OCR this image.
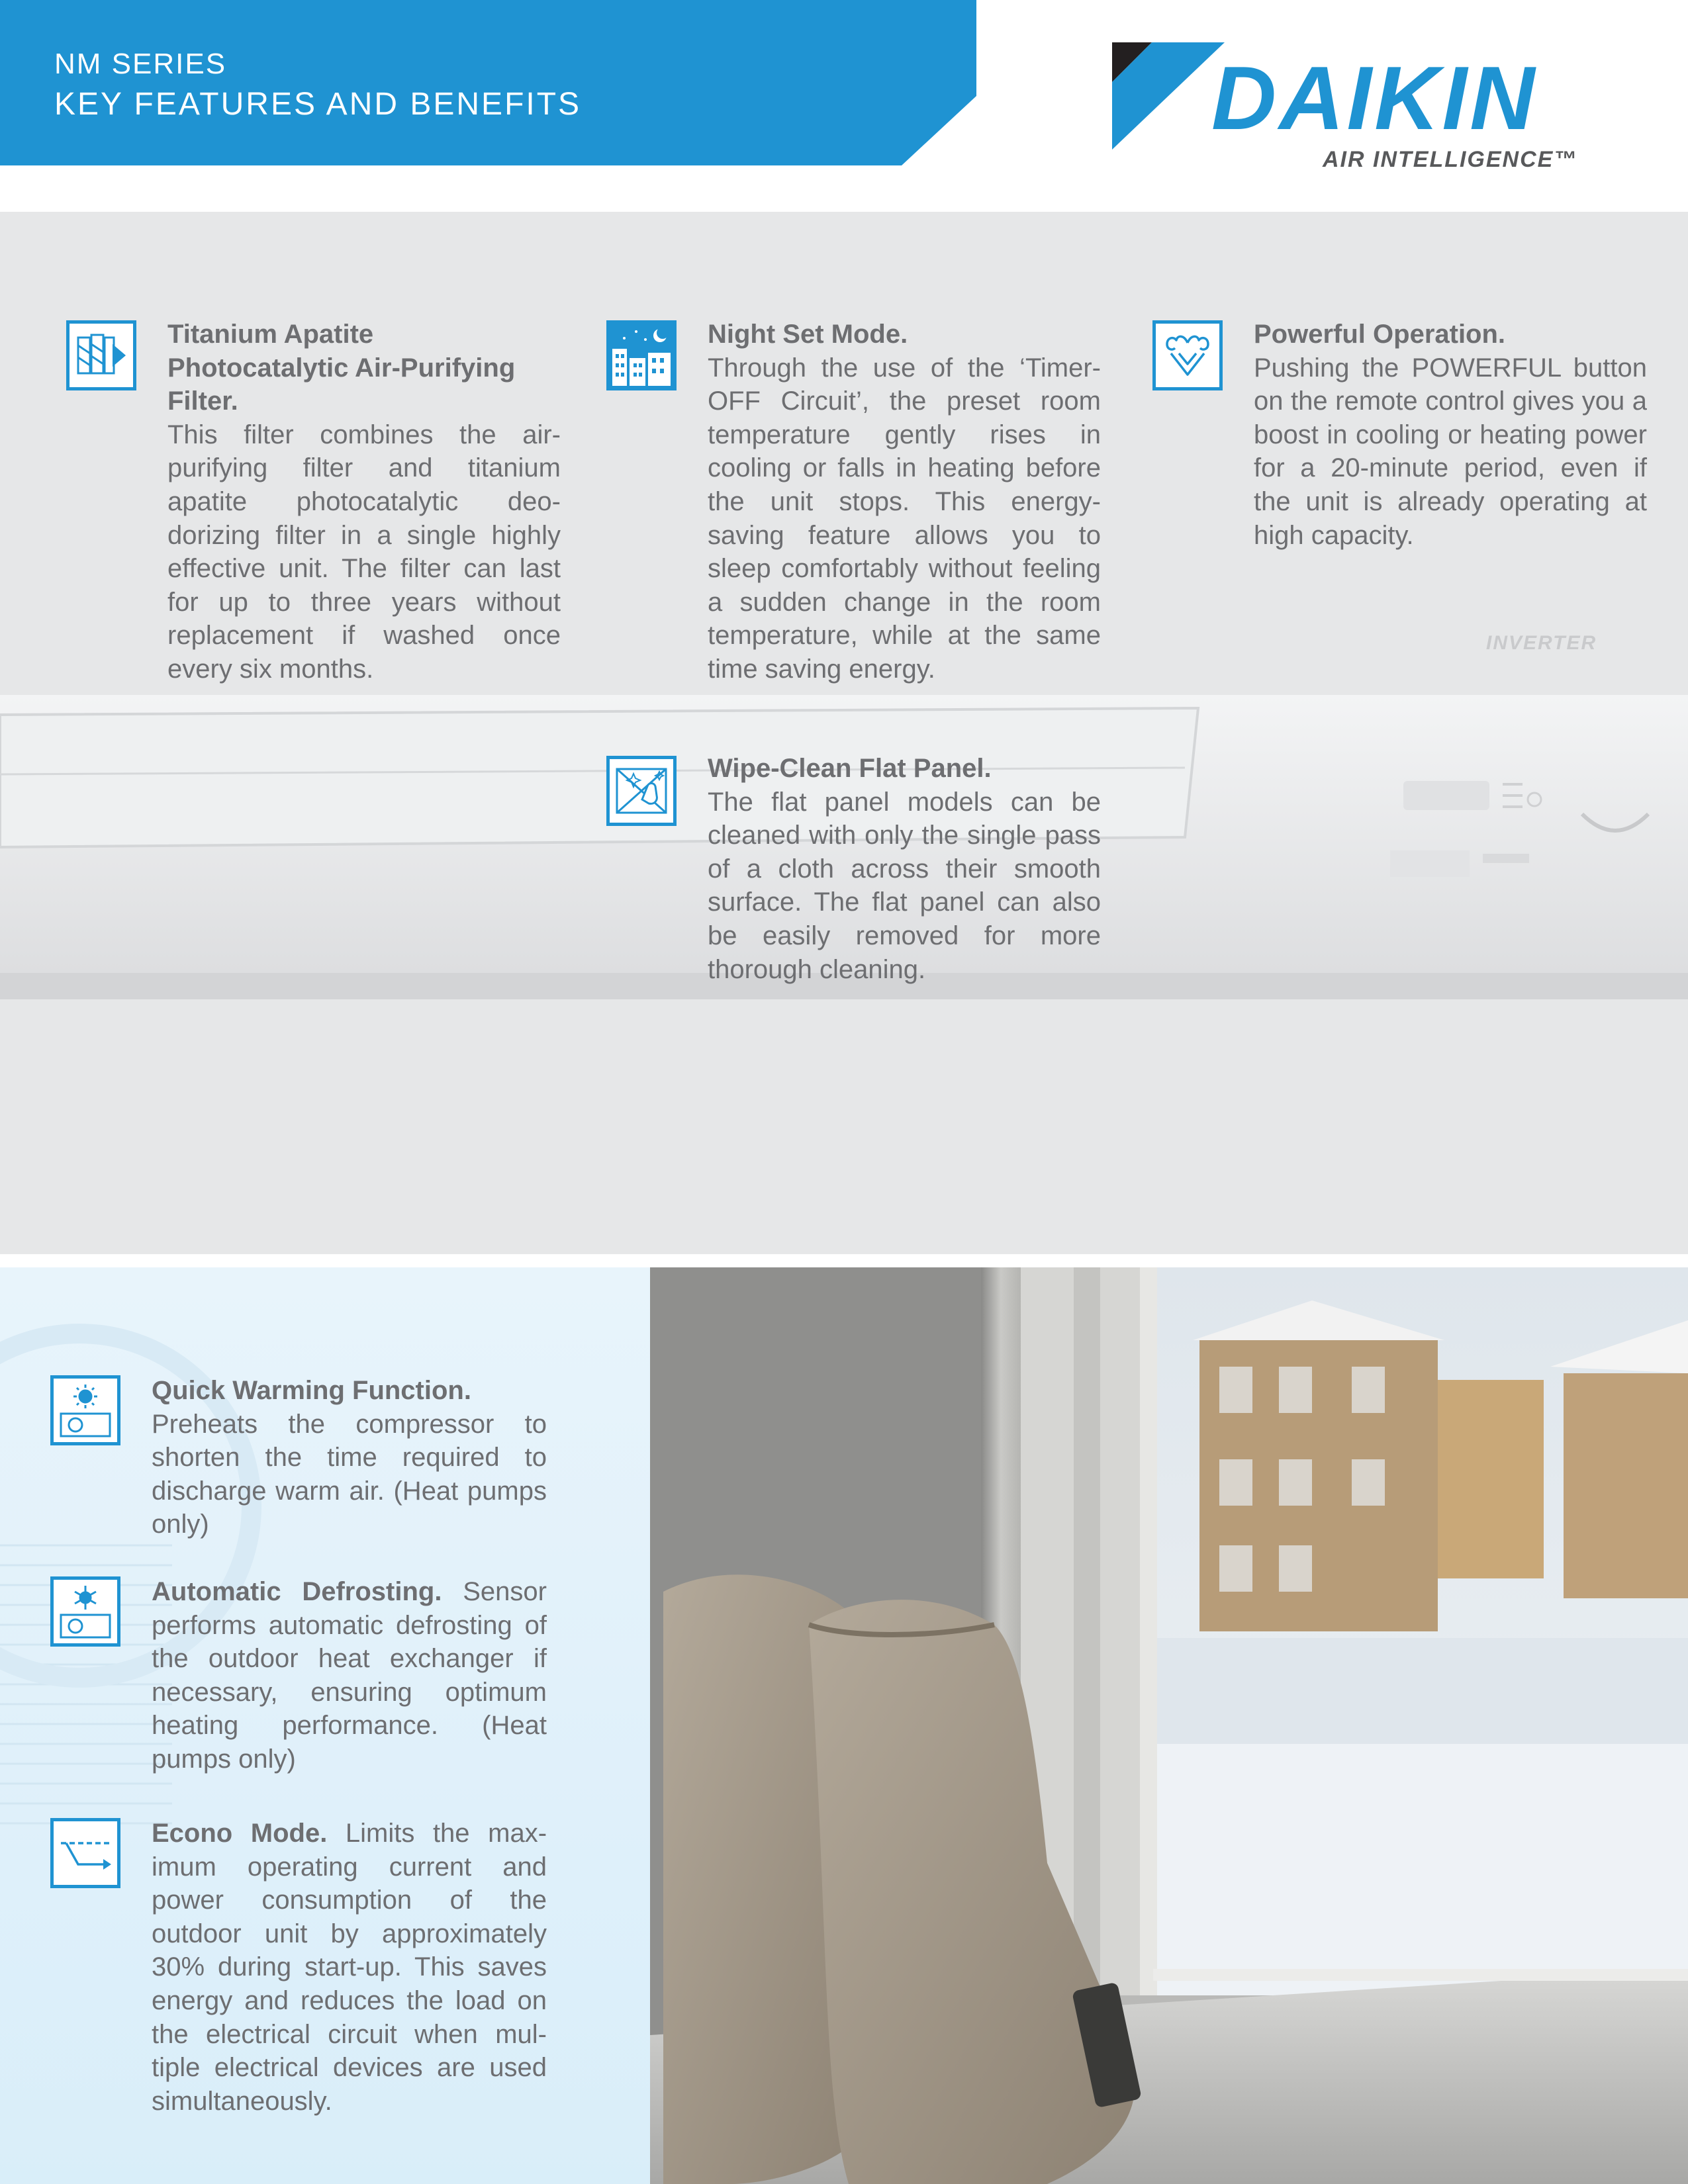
NM SERIES
KEY FEATURES AND BENEFITS	DAIKIN
AIR INTELLIGENCE™
INVERTER
Titanium Apatite Photocatalytic Air-Purifying Filter.
This filter combines the air-purifying filter and titanium apatite photocatalytic deo-dorizing filter in a single highly effective unit. The filter can last for up to three years without replacement if washed once every six months.
Night Set Mode.
Through the use of the ‘Timer-OFF Circuit’, the preset room temperature gently rises in cooling or falls in heating before the unit stops. This energy-saving feature allows you to sleep comfortably without feeling a sudden change in the room temperature, while at the same time saving energy.
Powerful Operation.
Pushing the POWERFUL button on the remote control gives you a boost in cooling or heating power for a 20-minute period, even if the unit is already operating at high capacity.
Wipe-Clean Flat Panel.
The flat panel models can be cleaned with only the single pass of a cloth across their smooth surface. The flat panel can also be easily removed for more thorough cleaning.
Quick Warming Function.
Preheats the compressor to shorten the time required to discharge warm air. (Heat pumps only)
Automatic Defrosting. Sensor performs automatic defrosting of the outdoor heat exchanger if necessary, ensuring optimum heating performance. (Heat pumps only)
Econo Mode. Limits the max-imum operating current and power consumption of the outdoor unit by approximately 30% during start-up. This saves energy and reduces the load on the electrical circuit when mul-tiple electrical devices are used simultaneously.
